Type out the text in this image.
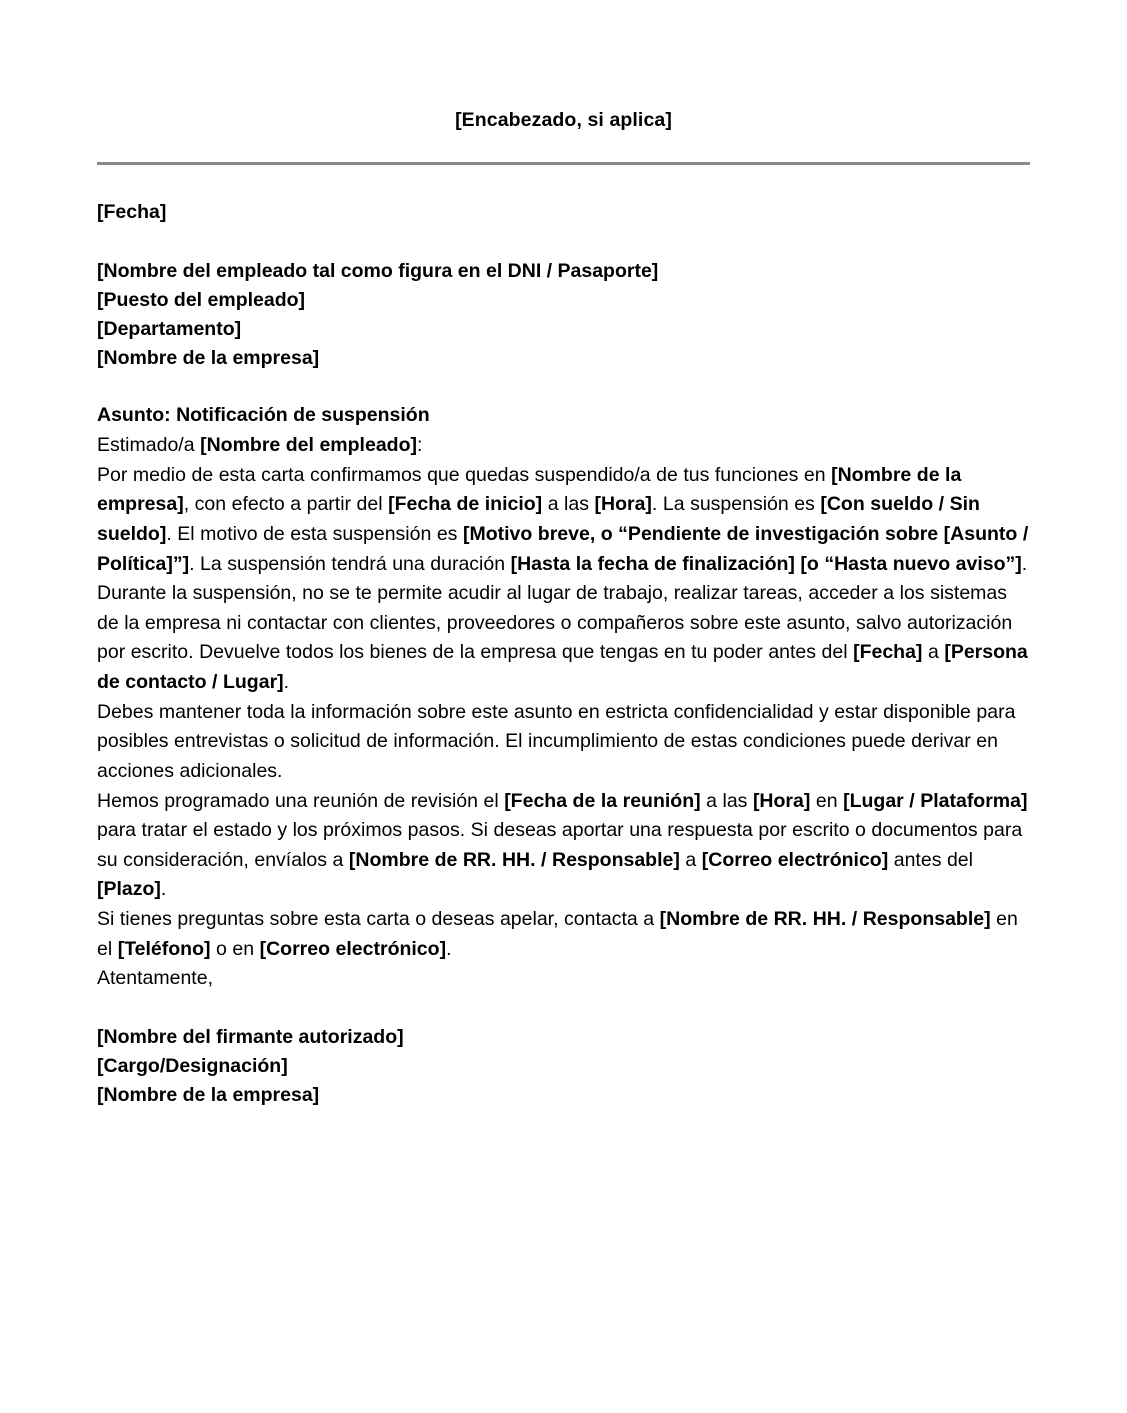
[Encabezado, si aplica]
[Fecha]
[Nombre del empleado tal como figura en el DNI / Pasaporte]
[Puesto del empleado]
[Departamento]
[Nombre de la empresa]
Asunto: Notificación de suspensión

Estimado/a [Nombre del empleado]:

Por medio de esta carta confirmamos que quedas suspendido/a de tus funciones en [Nombre de la empresa], con efecto a partir del [Fecha de inicio] a las [Hora]. La suspensión es [Con sueldo / Sin sueldo]. El motivo de esta suspensión es [Motivo breve, o “Pendiente de investigación sobre [Asunto / Política]”]. La suspensión tendrá una duración [Hasta la fecha de finalización] [o “Hasta nuevo aviso”].

Durante la suspensión, no se te permite acudir al lugar de trabajo, realizar tareas, acceder a los sistemas de la empresa ni contactar con clientes, proveedores o compañeros sobre este asunto, salvo autorización por escrito. Devuelve todos los bienes de la empresa que tengas en tu poder antes del [Fecha] a [Persona de contacto / Lugar].

Debes mantener toda la información sobre este asunto en estricta confidencialidad y estar disponible para posibles entrevistas o solicitud de información. El incumplimiento de estas condiciones puede derivar en acciones adicionales.

Hemos programado una reunión de revisión el [Fecha de la reunión] a las [Hora] en [Lugar / Plataforma] para tratar el estado y los próximos pasos. Si deseas aportar una respuesta por escrito o documentos para su consideración, envíalos a [Nombre de RR. HH. / Responsable] a [Correo electrónico] antes del [Plazo].

Si tienes preguntas sobre esta carta o deseas apelar, contacta a [Nombre de RR. HH. / Responsable] en el [Teléfono] o en [Correo electrónico].

Atentamente,

[Nombre del firmante autorizado]
[Cargo/Designación]
[Nombre de la empresa]
